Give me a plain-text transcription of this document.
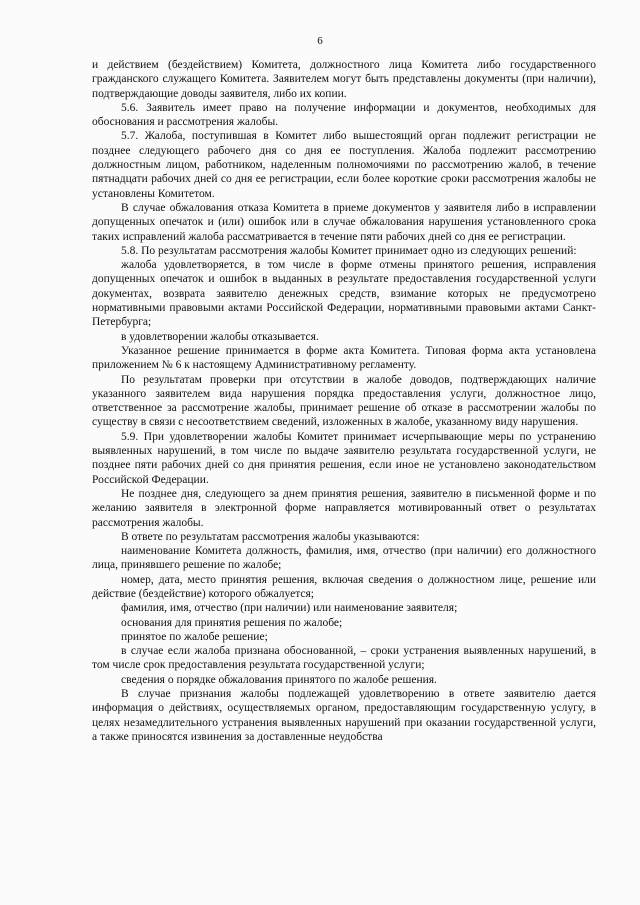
6

и действием (бездействием) Комитета, должностного лица Комитета либо государственного гражданского служащего Комитета. Заявителем могут быть представлены документы (при наличии), подтверждающие доводы заявителя, либо их копии.

5.6. Заявитель имеет право на получение информации и документов, необходимых для обоснования и рассмотрения жалобы.

5.7. Жалоба, поступившая в Комитет либо вышестоящий орган подлежит регистрации не позднее следующего рабочего дня со дня ее поступления. Жалоба подлежит рассмотрению должностным лицом, работником, наделенным полномочиями по рассмотрению жалоб, в течение пятнадцати рабочих дней со дня ее регистрации, если более короткие сроки рассмотрения жалобы не установлены Комитетом.

В случае обжалования отказа Комитета в приеме документов у заявителя либо в исправлении допущенных опечаток и (или) ошибок или в случае обжалования нарушения установленного срока таких исправлений жалоба рассматривается в течение пяти рабочих дней со дня ее регистрации.

5.8. По результатам рассмотрения жалобы Комитет принимает одно из следующих решений:

жалоба удовлетворяется, в том числе в форме отмены принятого решения, исправления допущенных опечаток и ошибок в выданных в результате предоставления государственной услуги документах, возврата заявителю денежных средств, взимание которых не предусмотрено нормативными правовыми актами Российской Федерации, нормативными правовыми актами Санкт-Петербурга;

в удовлетворении жалобы отказывается.

Указанное решение принимается в форме акта Комитета. Типовая форма акта установлена приложением № 6 к настоящему Административному регламенту.

По результатам проверки при отсутствии в жалобе доводов, подтверждающих наличие указанного заявителем вида нарушения порядка предоставления услуги, должностное лицо, ответственное за рассмотрение жалобы, принимает решение об отказе в рассмотрении жалобы по существу в связи с несоответствием сведений, изложенных в жалобе, указанному виду нарушения.

5.9. При удовлетворении жалобы Комитет принимает исчерпывающие меры по устранению выявленных нарушений, в том числе по выдаче заявителю результата государственной услуги, не позднее пяти рабочих дней со дня принятия решения, если иное не установлено законодательством Российской Федерации.

Не позднее дня, следующего за днем принятия решения, заявителю в письменной форме и по желанию заявителя в электронной форме направляется мотивированный ответ о результатах рассмотрения жалобы.

В ответе по результатам рассмотрения жалобы указываются:

наименование Комитета должность, фамилия, имя, отчество (при наличии) его должностного лица, принявшего решение по жалобе;

номер, дата, место принятия решения, включая сведения о должностном лице, решение или действие (бездействие) которого обжалуется;

фамилия, имя, отчество (при наличии) или наименование заявителя;

основания для принятия решения по жалобе;

принятое по жалобе решение;

в случае если жалоба признана обоснованной, – сроки устранения выявленных нарушений, в том числе срок предоставления результата государственной услуги;

сведения о порядке обжалования принятого по жалобе решения.

В случае признания жалобы подлежащей удовлетворению в ответе заявителю дается информация о действиях, осуществляемых органом, предоставляющим государственную услугу, в целях незамедлительного устранения выявленных нарушений при оказании государственной услуги, а также приносятся извинения за доставленные неудобства
